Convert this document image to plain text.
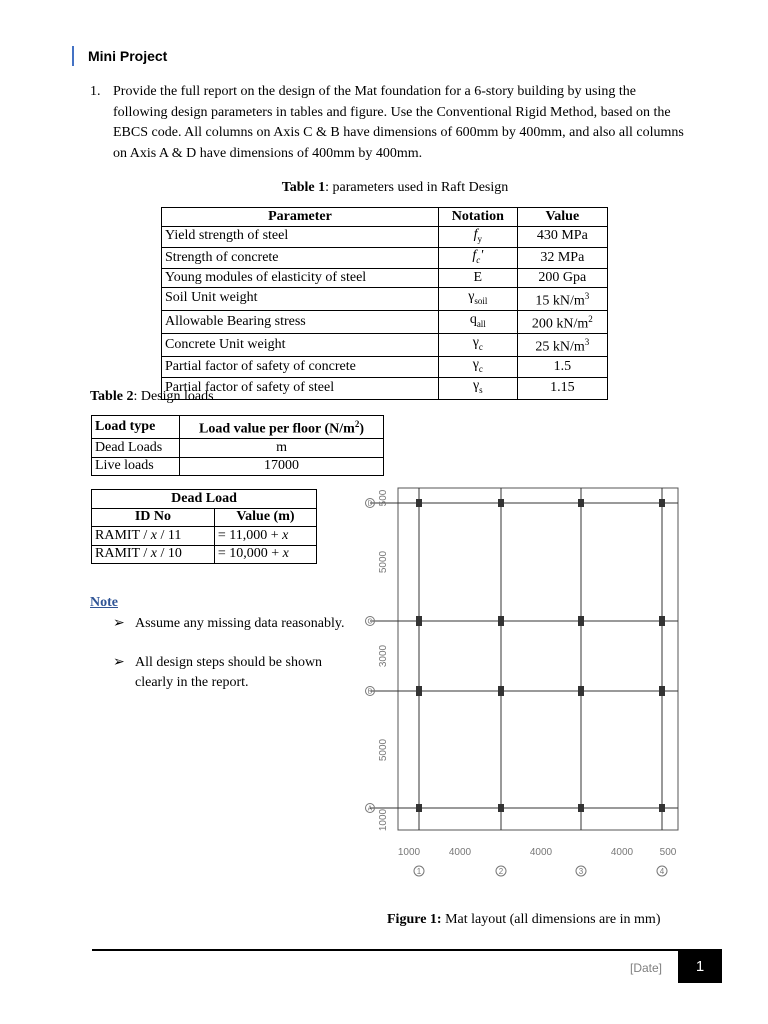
Mini Project
1. Provide the full report on the design of the Mat foundation for a 6-story building by using the following design parameters in tables and figure. Use the Conventional Rigid Method, based on the EBCS code. All columns on Axis C & B have dimensions of 600mm by 400mm, and also all columns on Axis A & D have dimensions of 400mm by 400mm.
Table 1: parameters used in Raft Design
Parameter	Notation	Value
Yield strength of steel	$f_y$	430 MPa
Strength of concrete	$f_c'$	32 MPa
Young modules of elasticity of steel	E	200 Gpa
Soil Unit weight	$\gamma_{soil}$	15 $kN/m^3$
Allowable Bearing stress	$q_{all}$	200 $kN/m^2$
Concrete Unit weight	$\gamma_c$	25 $kN/m^3$
Partial factor of safety of concrete	$\gamma_c$	1.5
Partial factor of safety of steel	$\gamma_s$	1.15
Table 2: Design loads
Load type	Load value per floor $(N/m^2)$
Dead Loads	m
Live loads	17000
Dead Load	
ID No	Value (m)
RAMIT / x / 11	= 11,000 + x
RAMIT / x / 10	= 10,000 + x
Note
➢ Assume any missing data reasonably.
➢ All design steps should be shown clearly in the report.
D
C
B
A
500
5000
3000
5000
1000
1000	4000	4000	4000	500
1	2	3	4
Figure 1: Mat layout (all dimensions are in mm)
[Date]	1
